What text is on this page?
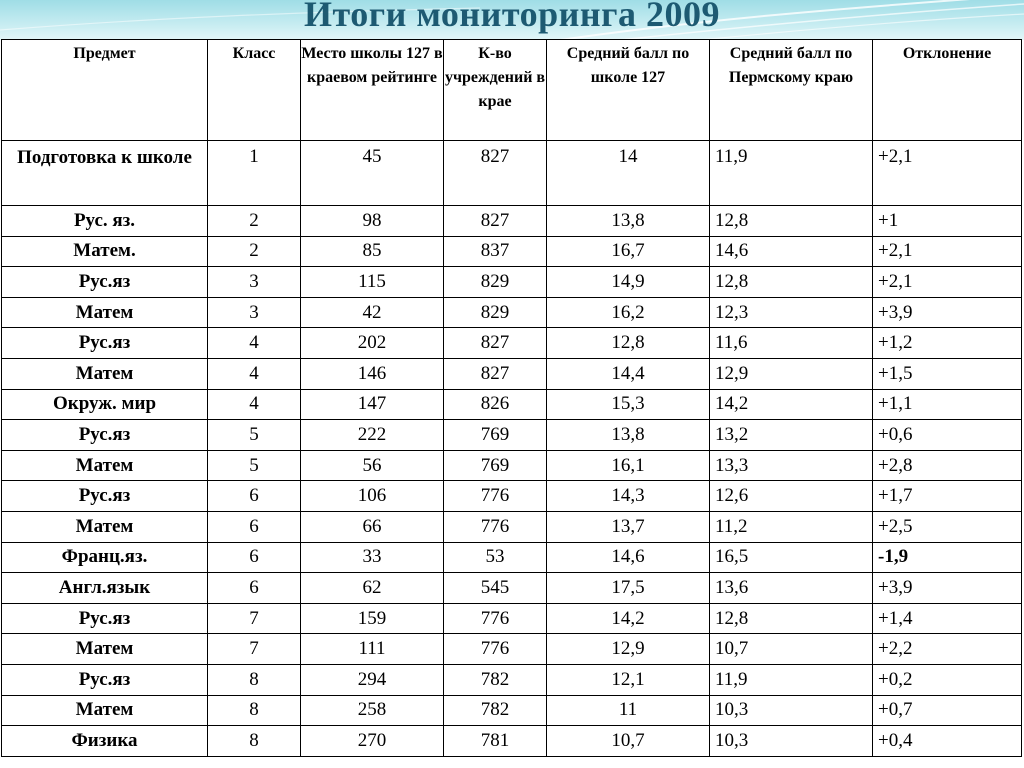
Итоги мониторинга 2009
Предмет	Класс	Место школы 127 в краевом рейтинге	К-во учреждений в крае	Средний балл по школе 127	Средний балл по Пермскому краю	Отклонение
Подготовка к школе	1	45	827	14	11,9	+2,1
Рус. яз.	2	98	827	13,8	12,8	+1
Матем.	2	85	837	16,7	14,6	+2,1
Рус.яз	3	115	829	14,9	12,8	+2,1
Матем	3	42	829	16,2	12,3	+3,9
Рус.яз	4	202	827	12,8	11,6	+1,2
Матем	4	146	827	14,4	12,9	+1,5
Окруж. мир	4	147	826	15,3	14,2	+1,1
Рус.яз	5	222	769	13,8	13,2	+0,6
Матем	5	56	769	16,1	13,3	+2,8
Рус.яз	6	106	776	14,3	12,6	+1,7
Матем	6	66	776	13,7	11,2	+2,5
Франц.яз.	6	33	53	14,6	16,5	-1,9
Англ.язык	6	62	545	17,5	13,6	+3,9
Рус.яз	7	159	776	14,2	12,8	+1,4
Матем	7	111	776	12,9	10,7	+2,2
Рус.яз	8	294	782	12,1	11,9	+0,2
Матем	8	258	782	11	10,3	+0,7
Физика	8	270	781	10,7	10,3	+0,4
